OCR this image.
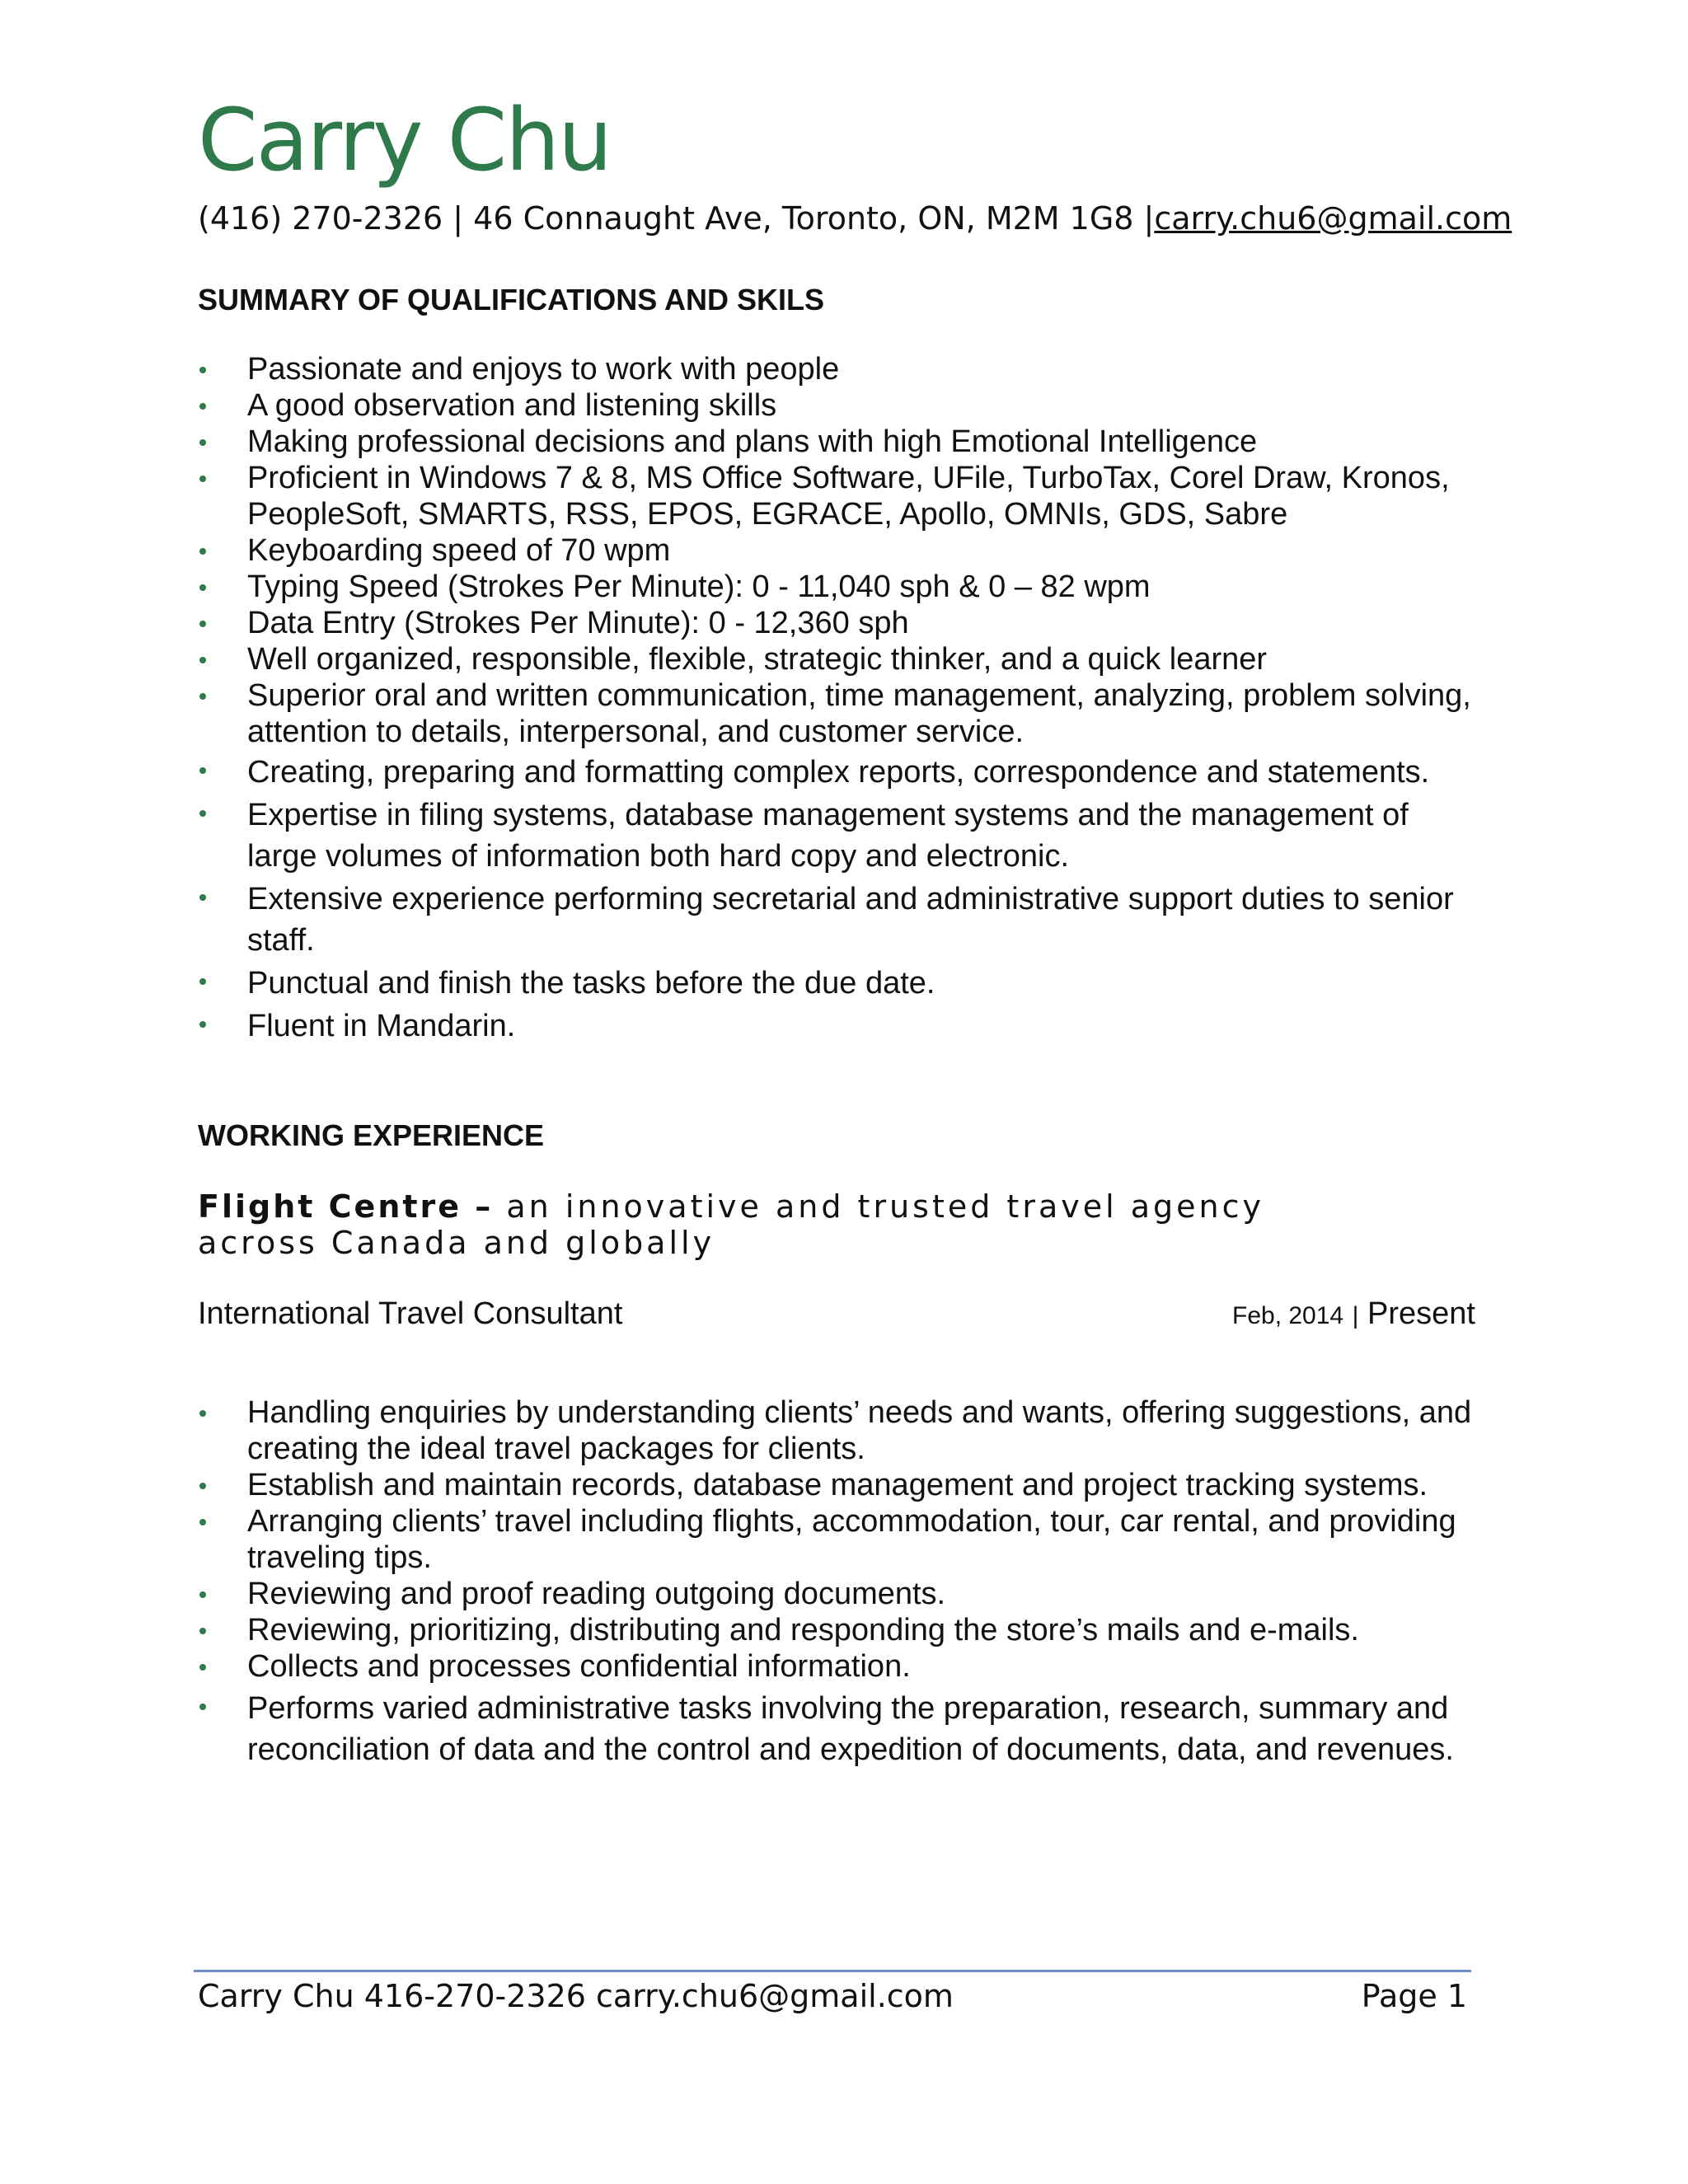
Carry Chu
(416) 270-2326 | 46 Connaught Ave, Toronto, ON, M2M 1G8 |carry.chu6@gmail.com
SUMMARY OF QUALIFICATIONS AND SKILS
Passionate and enjoys to work with people
A good observation and listening skills
Making professional decisions and plans with high Emotional Intelligence
Proficient in Windows 7 & 8, MS Office Software, UFile, TurboTax, Corel Draw, Kronos, PeopleSoft, SMARTS, RSS, EPOS, EGRACE, Apollo, OMNIs, GDS, Sabre
Keyboarding speed of 70 wpm
Typing Speed (Strokes Per Minute): 0 - 11,040 sph & 0 – 82 wpm
Data Entry (Strokes Per Minute): 0 - 12,360 sph
Well organized, responsible, flexible, strategic thinker, and a quick learner
Superior oral and written communication, time management, analyzing, problem solving, attention to details, interpersonal, and customer service.
Creating, preparing and formatting complex reports, correspondence and statements.
Expertise in filing systems, database management systems and the management of large volumes of information both hard copy and electronic.
Extensive experience performing secretarial and administrative support duties to senior staff.
Punctual and finish the tasks before the due date.
Fluent in Mandarin.
WORKING EXPERIENCE
Flight Centre – an innovative and trusted travel agency across Canada and globally
International Travel Consultant	Feb, 2014 | Present
Handling enquiries by understanding clients’ needs and wants, offering suggestions, and creating the ideal travel packages for clients.
Establish and maintain records, database management and project tracking systems.
Arranging clients’ travel including flights, accommodation, tour, car rental, and providing traveling tips.
Reviewing and proof reading outgoing documents.
Reviewing, prioritizing, distributing and responding the store’s mails and e-mails.
Collects and processes confidential information.
Performs varied administrative tasks involving the preparation, research, summary and reconciliation of data and the control and expedition of documents, data, and revenues.
Carry Chu 416-270-2326 carry.chu6@gmail.com	Page 1
